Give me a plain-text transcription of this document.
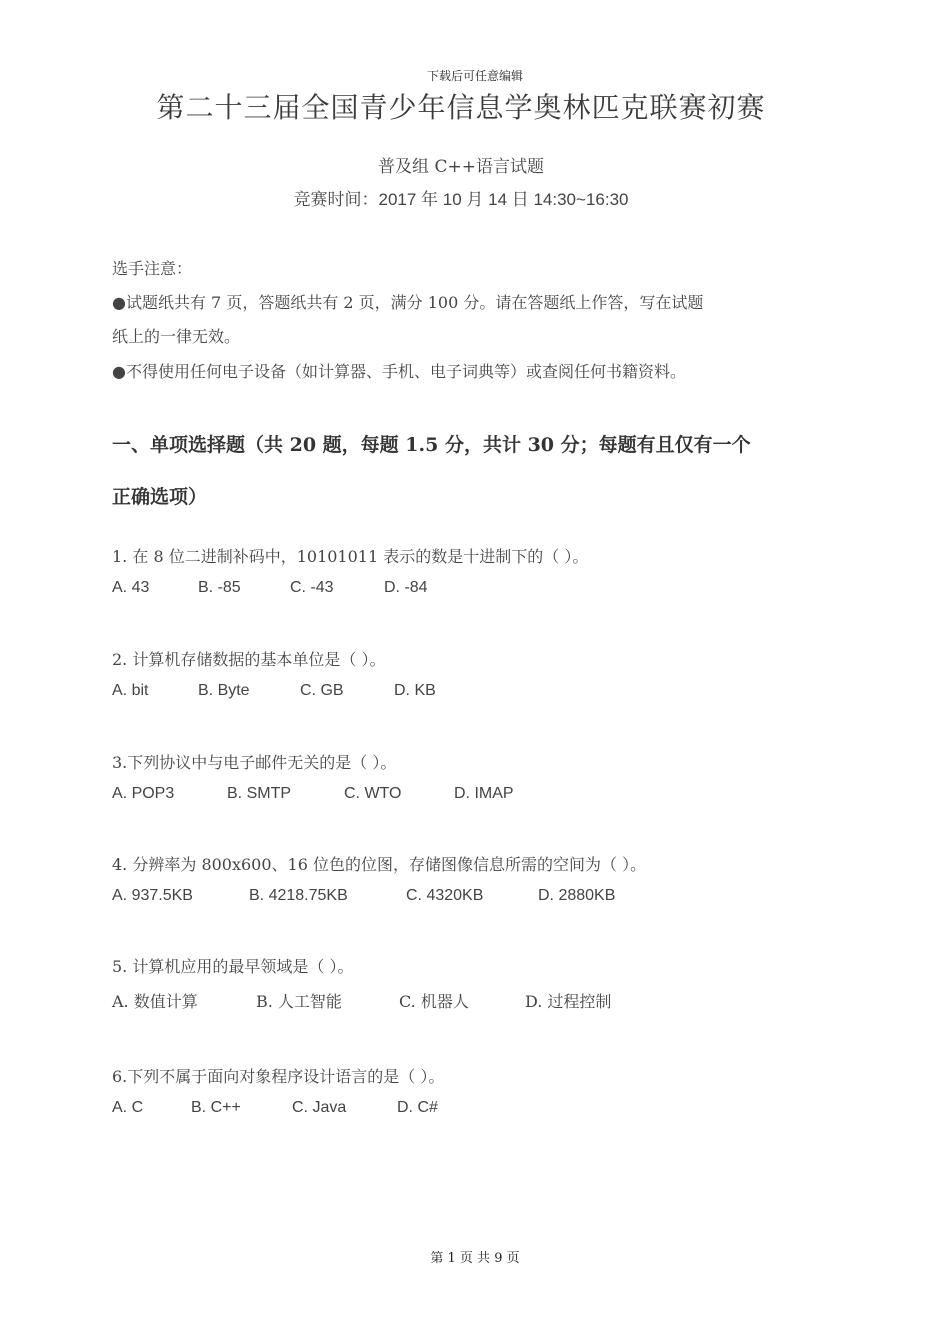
下载后可任意编辑
第二十三届全国青少年信息学奥林匹克联赛初赛
普及组 C++语言试题
竞赛时间：2017 年 10 月 14 日 14:30~16:30
选手注意：
●试题纸共有 7 页，答题纸共有 2 页，满分 100 分。请在答题纸上作答，写在试题
纸上的一律无效。
●不得使用任何电子设备（如计算器、手机、电子词典等）或查阅任何书籍资料。
一、单项选择题（共 20 题，每题 1.5 分，共计 30 分；每题有且仅有一个
正确选项）
1. 在 8 位二进制补码中，10101011 表示的数是十进制下的（ ）。
A. 43	B. -85	C. -43	D. -84
2. 计算机存储数据的基本单位是（ ）。
A. bit	B. Byte	C. GB	D. KB
3.下列协议中与电子邮件无关的是（ ）。
A. POP3	B. SMTP	C. WTO	D. IMAP
4. 分辨率为 800x600、16 位色的位图，存储图像信息所需的空间为（ ）。
A. 937.5KB	B. 4218.75KB	C. 4320KB	D. 2880KB
5. 计算机应用的最早领域是（ ）。
A. 数值计算	B. 人工智能	C. 机器人	D. 过程控制
6.下列不属于面向对象程序设计语言的是（ ）。
A. C	B. C++	C. Java	D. C#
第 1 页 共 9 页
